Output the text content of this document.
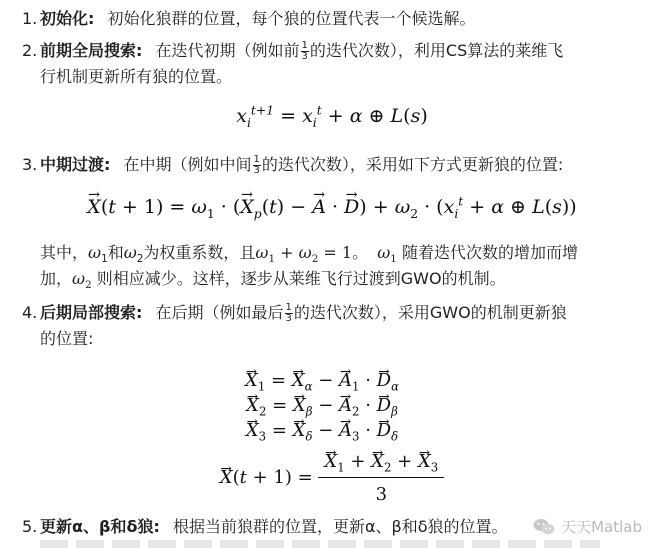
1. 初始化: 初始化狼群的位置，每个狼的位置代表一个候选解。
2. 前期全局搜索: 在迭代初期（例如前 $\frac{1}{3}$ 的迭代次数），利用CS算法的莱维飞
行机制更新所有狼的位置。
$x_i^{t+1} = x_i^t + \alpha$ ⊕ L(s)
3. 中期过渡: 在中期（例如中间 $\frac{1}{3}$ 的迭代次数），采用如下方式更新狼的位置:
→ $X(t + 1) = \omega_1$ · (→ $X_p(t)$ − → A · → $D) + \omega_2 \cdot (x_i^t + \alpha$ ⊕ L(s))
其中，$\omega_1$和$\omega_2$为权重系数，且$\omega_1 + \omega_2 = 1$。 $\omega_1$ 随着迭代次数的增加而增
加，$\omega_2$ 则相应减少。这样，逐步从莱维飞行过渡到GWO的机制。
4. 后期局部搜索: 在后期（例如最后 $\frac{1}{3}$ 的迭代次数），采用GWO的机制更新狼
的位置:
→ $X_1$ = → $X_\alpha$ − → $A_1$ · → $D_\alpha$
→ $X_2$ = → $X_\beta$ − → $A_2$ · → $D_\beta$
→ $X_3$ = → $X_\delta$ − → $A_3$ · → $D_\delta$
→ X(t + 1) =
→ $\frac{X_1 + \to X_2 + \to X_3}{3}$
5. 更新α、β和δ狼: 根据当前狼群的位置，更新α、β和δ狼的位置。	天天Matlab
